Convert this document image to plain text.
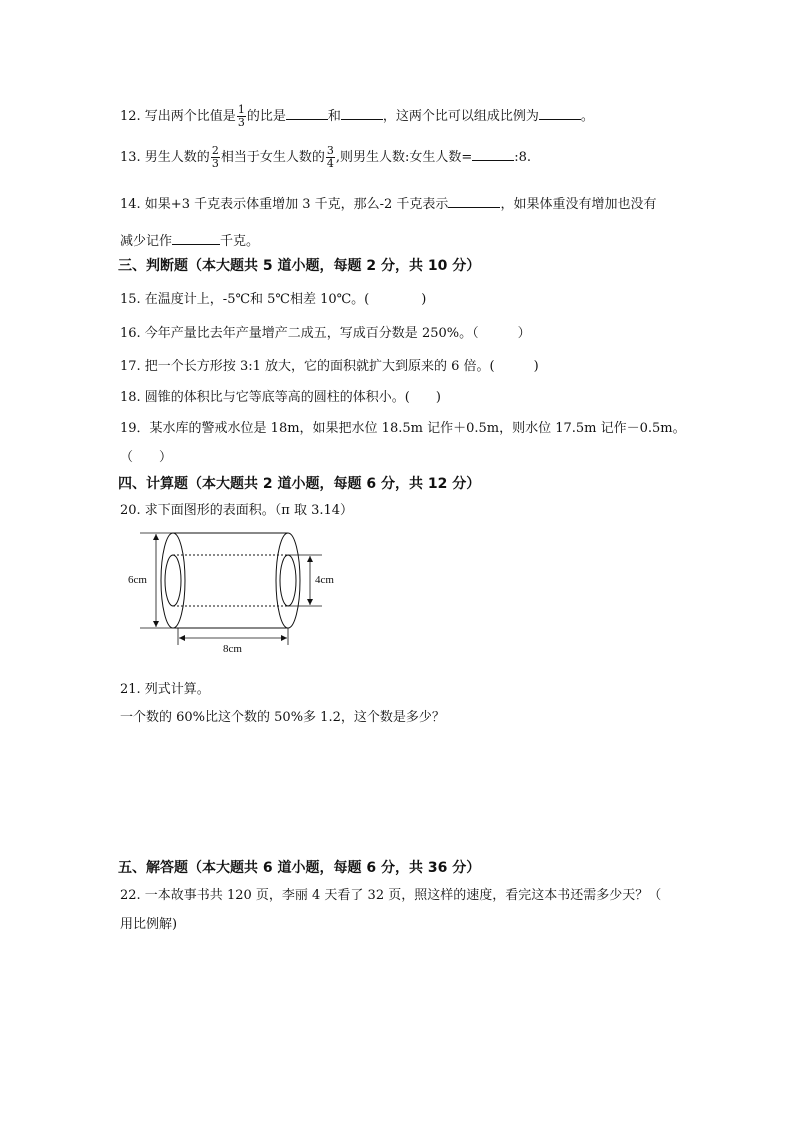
12. 写出两个比值是 $\frac{1}{3}$ 的比是	和	，这两个比可以组成比例为	。
13. 男生人数的 $\frac{2}{3}$ 相当于女生人数的 $\frac{3}{4}$ ,则男生人数:女生人数=	:8.
14. 如果+3 千克表示体重增加 3 千克，那么-2 千克表示	，如果体重没有增加也没有
减少记作	千克。
三、判断题（本大题共 5 道小题，每题 2 分，共 10 分）
15. 在温度计上，-5℃和 5℃相差 10℃。(　　　　)
16. 今年产量比去年产量增产二成五，写成百分数是 250%。（　　　）
17. 把一个长方形按 3:1 放大，它的面积就扩大到原来的 6 倍。(　　　)
18. 圆锥的体积比与它等底等高的圆柱的体积小。(　　)
19．某水库的警戒水位是 18m，如果把水位 18.5m 记作＋0.5m，则水位 17.5m 记作－0.5m。
（　　）
四、计算题（本大题共 2 道小题，每题 6 分，共 12 分）
20. 求下面图形的表面积。（π 取 3.14）
6cm	4cm
8cm
21. 列式计算。
一个数的 60%比这个数的 50%多 1.2，这个数是多少？
五、解答题（本大题共 6 道小题，每题 6 分，共 36 分）
22. 一本故事书共 120 页，李丽 4 天看了 32 页，照这样的速度，看完这本书还需多少天？（
用比例解)
